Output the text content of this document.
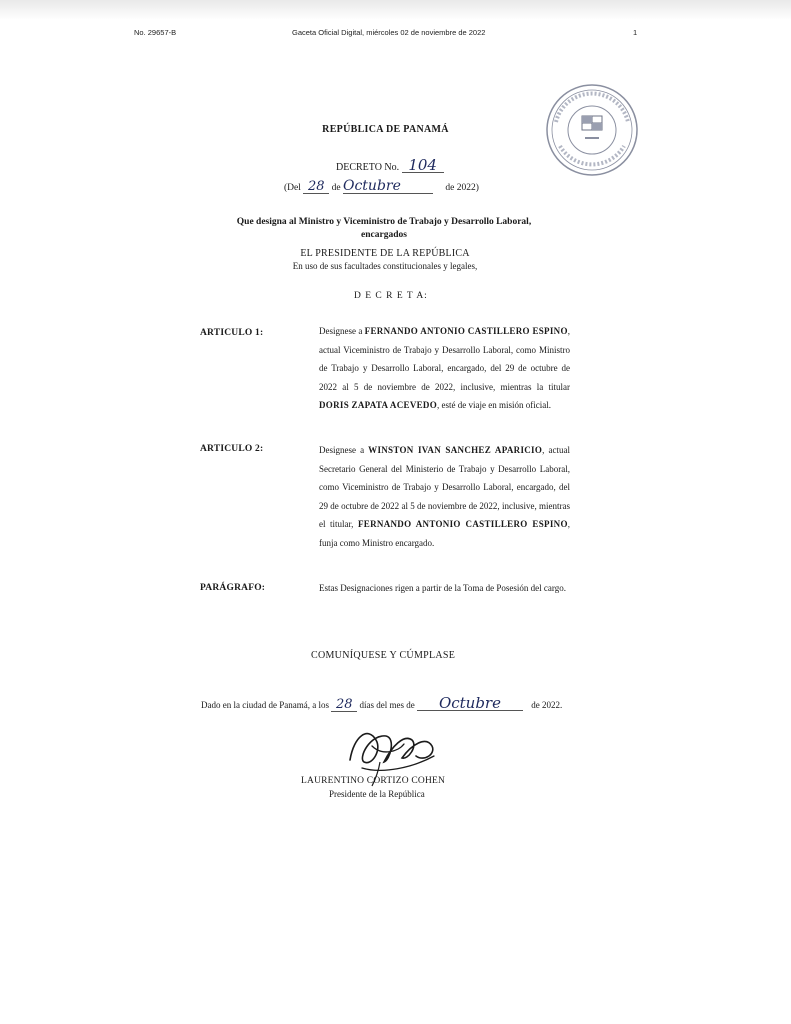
No. 29657-B	Gaceta Oficial Digital, miércoles 02 de noviembre de 2022	1
REPÚBLICA DE PANAMÁ
DECRETO No. 104
(Del 28 de Octubre	de 2022)
Que designa al Ministro y Viceministro de Trabajo y Desarrollo Laboral,
encargados
EL PRESIDENTE DE LA REPÚBLICA
En uso de sus facultades constitucionales y legales,
D E C R E T A:
ARTICULO 1:	Designese a FERNANDO ANTONIO CASTILLERO ESPINO, actual Viceministro de Trabajo y Desarrollo Laboral, como Ministro de Trabajo y Desarrollo Laboral, encargado, del 29 de octubre de 2022 al 5 de noviembre de 2022, inclusive, mientras la titular DORIS ZAPATA ACEVEDO, esté de viaje en misión oficial.
ARTICULO 2:	Designese a WINSTON IVAN SANCHEZ APARICIO, actual Secretario General del Ministerio de Trabajo y Desarrollo Laboral, como Viceministro de Trabajo y Desarrollo Laboral, encargado, del 29 de octubre de 2022 al 5 de noviembre de 2022, inclusive, mientras el titular, FERNANDO ANTONIO CASTILLERO ESPINO, funja como Ministro encargado.
PARÁGRAFO:	Estas Designaciones rigen a partir de la Toma de Posesión del cargo.
COMUNÍQUESE Y CÚMPLASE
Dado en la ciudad de Panamá, a los 28 días del mes de Octubre	de 2022.
LAURENTINO CORTIZO COHEN
Presidente de la República
